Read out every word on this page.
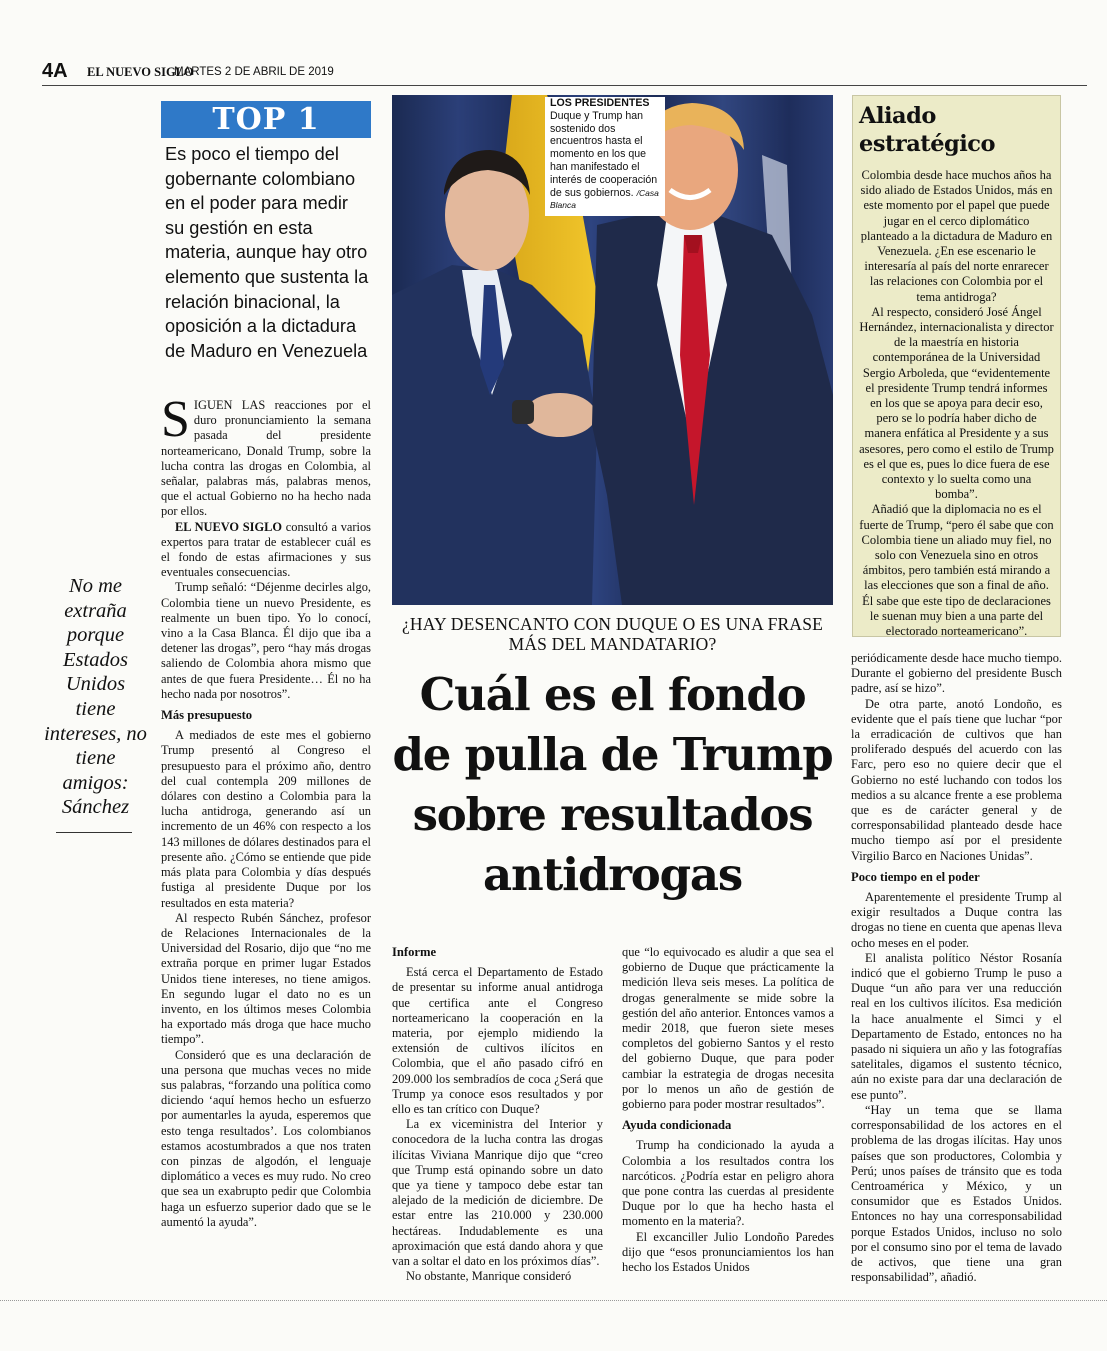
4A EL NUEVO SIGLO
MARTES 2 DE ABRIL DE 2019
TOP 1
Es poco el tiempo del gobernante colombiano en el poder para medir su gestión en esta materia, aunque hay otro elemento que sustenta la relación binacional, la oposición a la dictadura de Maduro en Venezuela

SIGUEN LAS reacciones por el duro pronunciamiento la semana pasada del presidente norteamericano, Donald Trump, sobre la lucha contra las drogas en Colombia, al señalar, palabras más, palabras menos, que el actual Gobierno no ha hecho nada por ellos.

EL NUEVO SIGLO consultó a varios expertos para tratar de establecer cuál es el fondo de estas afirmaciones y sus eventuales consecuencias.

Trump señaló: “Déjenme decirles algo, Colombia tiene un nuevo Presidente, es realmente un buen tipo. Yo lo conocí, vino a la Casa Blanca. Él dijo que iba a detener las drogas”, pero “hay más drogas saliendo de Colombia ahora mismo que antes de que fuera Presidente… Él no ha hecho nada por nosotros”.

Más presupuesto

A mediados de este mes el gobierno Trump presentó al Congreso el presupuesto para el próximo año, dentro del cual contempla 209 millones de dólares con destino a Colombia para la lucha antidroga, generando así un incremento de un 46% con respecto a los 143 millones de dólares destinados para el presente año. ¿Cómo se entiende que pide más plata para Colombia y días después fustiga al presidente Duque por los resultados en esta materia?

Al respecto Rubén Sánchez, profesor de Relaciones Internacionales de la Universidad del Rosario, dijo que “no me extraña porque en primer lugar Estados Unidos tiene intereses, no tiene amigos. En segundo lugar el dato no es un invento, en los últimos meses Colombia ha exportado más droga que hace mucho tiempo”.

Consideró que es una declaración de una persona que muchas veces no mide sus palabras, “forzando una política como diciendo ‘aquí hemos hecho un esfuerzo por aumentarles la ayuda, esperemos que esto tenga resultados’. Los colombianos estamos acostumbrados a que nos traten con pinzas de algodón, el lenguaje diplomático a veces es muy rudo. No creo que sea un exabrupto pedir que Colombia haga un esfuerzo superior dado que se le aumentó la ayuda”.

No me extraña porque Estados Unidos tiene intereses, no tiene amigos: Sánchez
LOS PRESIDENTES
Duque y Trump han sostenido dos encuentros hasta el momento en los que han manifestado el interés de cooperación de sus gobiernos. /Casa Blanca
¿HAY DESENCANTO CON DUQUE O ES UNA FRASE MÁS DEL MANDATARIO?
Cuál es el fondo de pulla de Trump sobre resultados antidrogas
Aliado estratégico

Colombia desde hace muchos años ha sido aliado de Estados Unidos, más en este momento por el papel que puede jugar en el cerco diplomático planteado a la dictadura de Maduro en Venezuela. ¿En ese escenario le interesaría al país del norte enrarecer las relaciones con Colombia por el tema antidroga?

Al respecto, consideró José Ángel Hernández, internacionalista y director de la maestría en historia contemporánea de la Universidad Sergio Arboleda, que “evidentemente el presidente Trump tendrá informes en los que se apoya para decir eso, pero se lo podría haber dicho de manera enfática al Presidente y a sus asesores, pero como el estilo de Trump es el que es, pues lo dice fuera de ese contexto y lo suelta como una bomba”.

Añadió que la diplomacia no es el fuerte de Trump, “pero él sabe que con Colombia tiene un aliado muy fiel, no solo con Venezuela sino en otros ámbitos, pero también está mirando a las elecciones que son a final de año. Él sabe que este tipo de declaraciones le suenan muy bien a una parte del electorado norteamericano”.

Informe

Está cerca el Departamento de Estado de presentar su informe anual antidroga que certifica ante el Congreso norteamericano la cooperación en la materia, por ejemplo midiendo la extensión de cultivos ilícitos en Colombia, que el año pasado cifró en 209.000 los sembradíos de coca ¿Será que Trump ya conoce esos resultados y por ello es tan crítico con Duque?

La ex viceministra del Interior y conocedora de la lucha contra las drogas ilícitas Viviana Manrique dijo que “creo que Trump está opinando sobre un dato que ya tiene y tampoco debe estar tan alejado de la medición de diciembre. De estar entre las 210.000 y 230.000 hectáreas. Indudablemente es una aproximación que está dando ahora y que van a soltar el dato en los próximos días”.

No obstante, Manrique consideró

que “lo equivocado es aludir a que sea el gobierno de Duque que prácticamente la medición lleva seis meses. La política de drogas generalmente se mide sobre la gestión del año anterior. Entonces vamos a medir 2018, que fueron siete meses completos del gobierno Santos y el resto del gobierno Duque, que para poder cambiar la estrategia de drogas necesita por lo menos un año de gestión de gobierno para poder mostrar resultados”.

Ayuda condicionada

Trump ha condicionado la ayuda a Colombia a los resultados contra los narcóticos. ¿Podría estar en peligro ahora que pone contra las cuerdas al presidente Duque por lo que ha hecho hasta el momento en la materia?.

El excanciller Julio Londoño Paredes dijo que “esos pronunciamientos los han hecho los Estados Unidos

periódicamente desde hace mucho tiempo. Durante el gobierno del presidente Busch padre, así se hizo”.

De otra parte, anotó Londoño, es evidente que el país tiene que luchar “por la erradicación de cultivos que han proliferado después del acuerdo con las Farc, pero eso no quiere decir que el Gobierno no esté luchando con todos los medios a su alcance frente a ese problema que es de carácter general y de corresponsabilidad planteado desde hace mucho tiempo así por el presidente Virgilio Barco en Naciones Unidas”.

Poco tiempo en el poder

Aparentemente el presidente Trump al exigir resultados a Duque contra las drogas no tiene en cuenta que apenas lleva ocho meses en el poder.

El analista político Néstor Rosanía indicó que el gobierno Trump le puso a Duque “un año para ver una reducción real en los cultivos ilícitos. Esa medición la hace anualmente el Simci y el Departamento de Estado, entonces no ha pasado ni siquiera un año y las fotografías satelitales, digamos el sustento técnico, aún no existe para dar una declaración de ese punto”.

“Hay un tema que se llama corresponsabilidad de los actores en el problema de las drogas ilícitas. Hay unos países que son productores, Colombia y Perú; unos países de tránsito que es toda Centroamérica y México, y un consumidor que es Estados Unidos. Entonces no hay una corresponsabilidad porque Estados Unidos, incluso no solo por el consumo sino por el tema de lavado de activos, que tiene una gran responsabilidad”, añadió.
